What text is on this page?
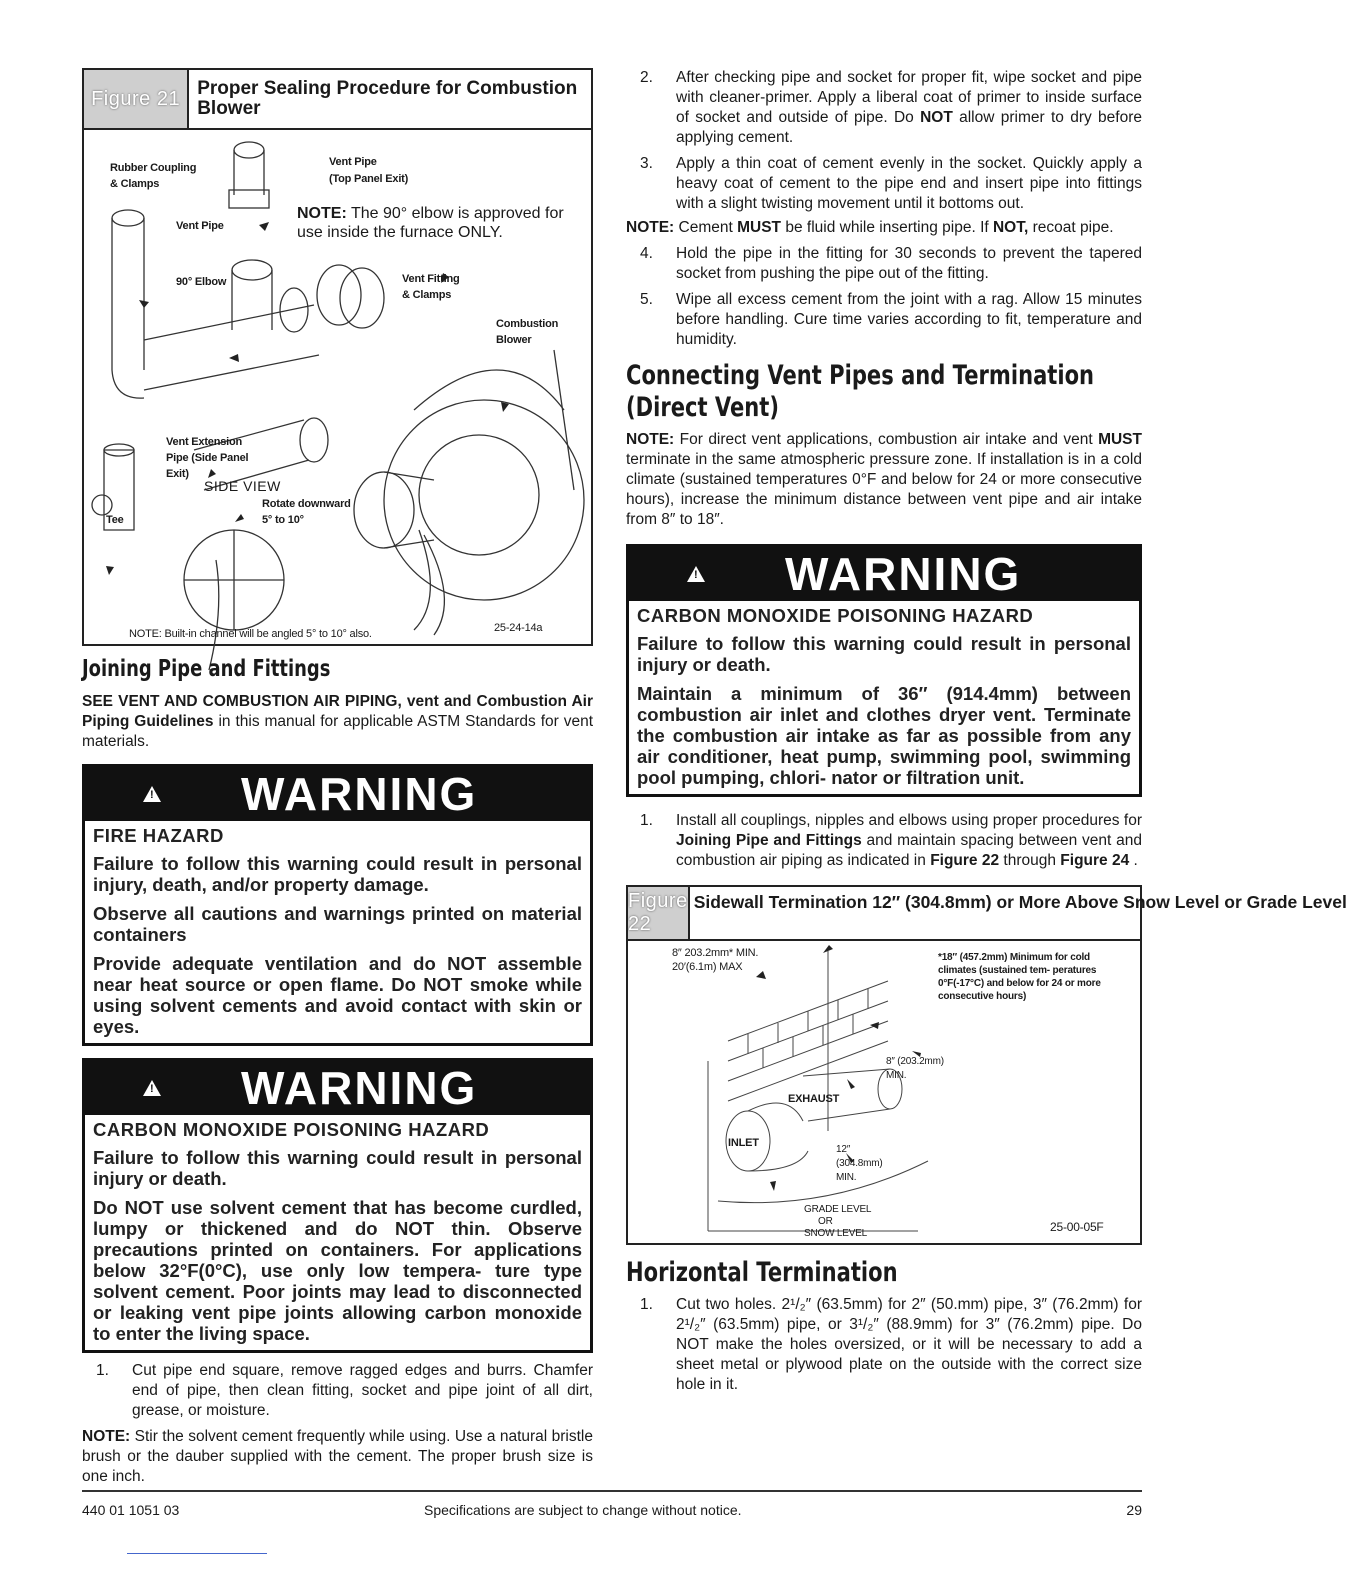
Figure 21 Proper Sealing Procedure for Combustion Blower
Rubber Coupling
& Clamps
Vent Pipe
(Top Panel Exit)
Vent Pipe
NOTE: The 90° elbow is approved for use inside the furnace ONLY.
90° Elbow	Vent Fitting
& Clamps
Combustion
Blower
Vent Extension
Pipe (Side Panel
Exit)
SIDE VIEW
Rotate downward
5° to 10°
Tee
NOTE: Built-in channel will be angled 5° to 10° also.	25-24-14a
Joining Pipe and Fittings

SEE VENT AND COMBUSTION AIR PIPING, vent and Combustion Air Piping Guidelines in this manual for applicable ASTM Standards for vent materials.

!
WARNING
FIRE HAZARD
Failure to follow this warning could result in personal injury, death, and/or property damage.
Observe all cautions and warnings printed on material containers
Provide adequate ventilation and do NOT assemble near heat source or open flame. Do NOT smoke while using solvent cements and avoid contact with skin or eyes.
!
WARNING
CARBON MONOXIDE POISONING HAZARD
Failure to follow this warning could result in personal injury or death.
Do NOT use solvent cement that has become curdled, lumpy or thickened and do NOT thin. Observe precautions printed on containers. For applications below 32°F(0°C), use only low tempera- ture type solvent cement. Poor joints may lead to disconnected or leaking vent pipe joints allowing carbon monoxide to enter the living space.
1. Cut pipe end square, remove ragged edges and burrs. Chamfer end of pipe, then clean fitting, socket and pipe joint of all dirt, grease, or moisture.

NOTE: Stir the solvent cement frequently while using. Use a natural bristle brush or the dauber supplied with the cement. The proper brush size is one inch.

2. After checking pipe and socket for proper fit, wipe socket and pipe with cleaner-primer. Apply a liberal coat of primer to inside surface of socket and outside of pipe. Do NOT allow primer to dry before applying cement.
3. Apply a thin coat of cement evenly in the socket. Quickly apply a heavy coat of cement to the pipe end and insert pipe into fittings with a slight twisting movement until it bottoms out.

NOTE: Cement MUST be fluid while inserting pipe. If NOT, recoat pipe.

4. Hold the pipe in the fitting for 30 seconds to prevent the tapered socket from pushing the pipe out of the fitting.
5. Wipe all excess cement from the joint with a rag. Allow 15 minutes before handling. Cure time varies according to fit, temperature and humidity.
Connecting Vent Pipes and Termination
(Direct Vent)

NOTE: For direct vent applications, combustion air intake and vent MUST terminate in the same atmospheric pressure zone. If installation is in a cold climate (sustained temperatures 0°F and below for 24 or more consecutive hours), increase the minimum distance between vent pipe and air intake from 8″ to 18″.

!
WARNING
CARBON MONOXIDE POISONING HAZARD
Failure to follow this warning could result in personal injury or death.
Maintain a minimum of 36″ (914.4mm) between combustion air inlet and clothes dryer vent. Terminate the combustion air intake as far as possible from any air conditioner, heat pump, swimming pool, swimming pool pumping, chlori- nator or filtration unit.
1. Install all couplings, nipples and elbows using proper procedures for Joining Pipe and Fittings and maintain spacing between vent and combustion air piping as indicated in Figure 22 through Figure 24 .
Figure 22
Sidewall Termination 12″ (304.8mm) or More Above Snow Level or Grade Level
8″ 203.2mm* MIN.
20′(6.1m) MAX
*18″ (457.2mm) Minimum for cold climates (sustained tem- peratures 0°F(-17°C) and below for 24 or more consecutive hours)
8″ (203.2mm)
MIN.
EXHAUST
INLET
12″
(304.8mm)
MIN.
GRADE LEVEL
OR
SNOW LEVEL	25-00-05F
Horizontal Termination
1. Cut two holes. 2¹/₂″ (63.5mm) for 2″ (50.mm) pipe, 3″ (76.2mm) for 2¹/₂″ (63.5mm) pipe, or 3¹/₂″ (88.9mm) for 3″ (76.2mm) pipe. Do NOT make the holes oversized, or it will be necessary to add a sheet metal or plywood plate on the outside with the correct size hole in it.
440 01 1051 03	Specifications are subject to change without notice.	29
